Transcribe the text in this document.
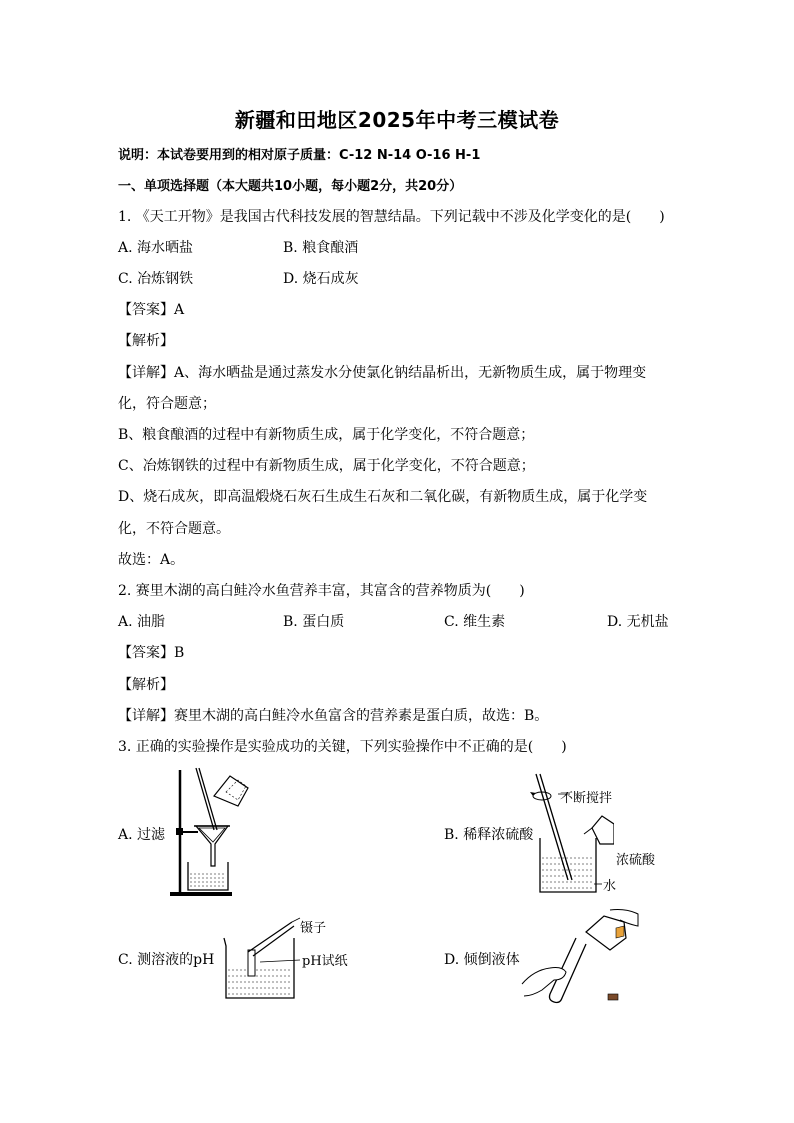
新疆和田地区2025年中考三模试卷
说明：本试卷要用到的相对原子质量：C-12 N-14 O-16 H-1
一、单项选择题（本大题共10小题，每小题2分，共20分）
1. 《天工开物》是我国古代科技发展的智慧结晶。下列记载中不涉及化学变化的是(　　)
A. 海水晒盐	B. 粮食酿酒
C. 冶炼钢铁	D. 烧石成灰
【答案】A
【解析】
【详解】A、海水晒盐是通过蒸发水分使氯化钠结晶析出，无新物质生成，属于物理变
化，符合题意；
B、粮食酿酒的过程中有新物质生成，属于化学变化，不符合题意；
C、冶炼钢铁的过程中有新物质生成，属于化学变化，不符合题意；
D、烧石成灰，即高温煅烧石灰石生成生石灰和二氧化碳，有新物质生成，属于化学变
化，不符合题意。
故选：A。
2. 赛里木湖的高白鲑冷水鱼营养丰富，其富含的营养物质为(　　)
A. 油脂	B. 蛋白质	C. 维生素	D. 无机盐
【答案】B
【解析】
【详解】赛里木湖的高白鲑冷水鱼富含的营养素是蛋白质，故选：B。
3. 正确的实验操作是实验成功的关键，下列实验操作中不正确的是(　　)
A. 过滤	B. 稀释浓硫酸
不断搅拌
浓硫酸
水
C. 测溶液的pH
镊子
pH试纸	D. 倾倒液体
